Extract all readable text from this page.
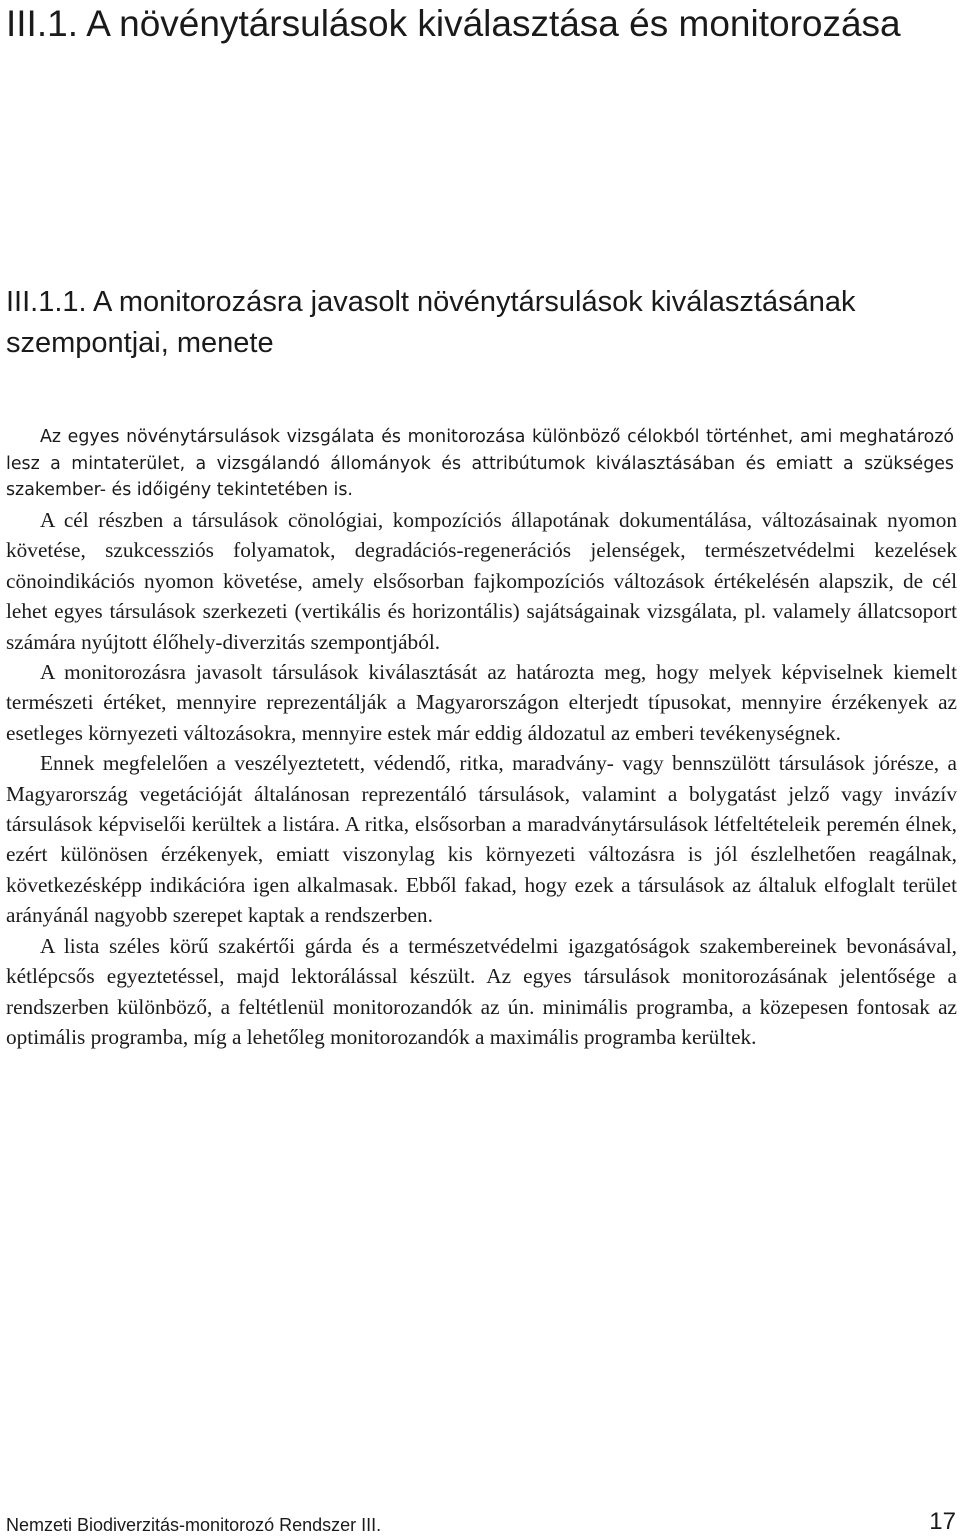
III.1. A növénytársulások kiválasztása és monitorozása
III.1.1. A monitorozásra javasolt növénytársulások kiválasztásának szempontjai, menete

Az egyes növénytársulások vizsgálata és monitorozása különböző célokból történhet, ami meghatározó lesz a mintaterület, a vizsgálandó állományok és attribútumok kiválasztásában és emiatt a szükséges szakember- és időigény tekintetében is.

A cél részben a társulások cönológiai, kompozíciós állapotának dokumentálása, változásainak nyomon követése, szukcessziós folyamatok, degradációs-regenerációs jelenségek, természetvédelmi kezelések cönoindikációs nyomon követése, amely elsősorban fajkompozíciós változások értékelésén alapszik, de cél lehet egyes társulások szerkezeti (vertikális és horizontális) sajátságainak vizsgálata, pl. valamely állatcsoport számára nyújtott élőhely-diverzitás szempontjából.

A monitorozásra javasolt társulások kiválasztását az határozta meg, hogy melyek képviselnek kiemelt természeti értéket, mennyire reprezentálják a Magyarországon elterjedt típusokat, mennyire érzékenyek az esetleges környezeti változásokra, mennyire estek már eddig áldozatul az emberi tevékenységnek.

Ennek megfelelően a veszélyeztetett, védendő, ritka, maradvány- vagy bennszülött társulások jórésze, a Magyarország vegetációját általánosan reprezentáló társulások, valamint a bolygatást jelző vagy invázív társulások képviselői kerültek a listára. A ritka, elsősorban a maradványtársulások létfeltételeik peremén élnek, ezért különösen érzékenyek, emiatt viszonylag kis környezeti változásra is jól észlelhetően reagálnak, következésképp indikációra igen alkalmasak. Ebből fakad, hogy ezek a társulások az általuk elfoglalt terület arányánál nagyobb szerepet kaptak a rendszerben.

A lista széles körű szakértői gárda és a természetvédelmi igazgatóságok szakembereinek bevonásával, kétlépcsős egyeztetéssel, majd lektorálással készült. Az egyes társulások monitorozásának jelentősége a rendszerben különböző, a feltétlenül monitorozandók az ún. minimális programba, a közepesen fontosak az optimális programba, míg a lehetőleg monitorozandók a maximális programba kerültek.

Nemzeti Biodiverzitás-monitorozó Rendszer III.	17
